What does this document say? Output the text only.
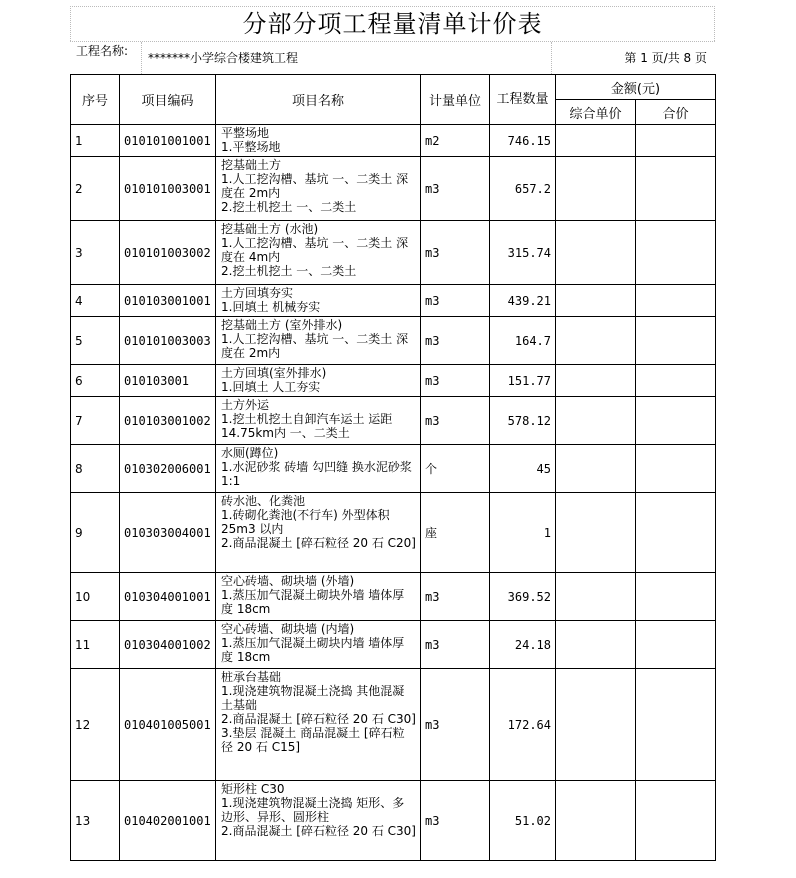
分部分项工程量清单计价表
工程名称:	*******小学综合楼建筑工程	第 1 页/共 8 页
序号	项目编码	项目名称	计量单位	工程数量	金额(元)	
					综合单价	合价
1	010101001001	平整场地
1.平整场地	m2	746.15		
2	010101003001	挖基础土方
1.人工挖沟槽、基坑 一、二类土 深度在 2m内
2.挖土机挖土 一、二类土	m3	657.2		
3	010101003002	挖基础土方 (水池)
1.人工挖沟槽、基坑 一、二类土 深度在 4m内
2.挖土机挖土 一、二类土	m3	315.74		
4	010103001001	土方回填夯实
1.回填土 机械夯实	m3	439.21		
5	010101003003	挖基础土方 (室外排水)
1.人工挖沟槽、基坑 一、二类土 深度在 2m内	m3	164.7		
6	010103001	土方回填(室外排水)
1.回填土 人工夯实	m3	151.77		
7	010103001002	土方外运
1.挖土机挖土自卸汽车运土 运距14.75km内 一、二类土	m3	578.12		
8	010302006001	水厕(蹲位)
1.水泥砂浆 砖墙 勾凹缝 换水泥砂浆 1:1	个	45		
9	010303004001	砖水池、化粪池
1.砖砌化粪池(不行车) 外型体积 25m3 以内
2.商品混凝土 [碎石粒径 20 石 C20]	座	1		
10	010304001001	空心砖墙、砌块墙 (外墙)
1.蒸压加气混凝土砌块外墙 墙体厚度 18cm	m3	369.52		
11	010304001002	空心砖墙、砌块墙 (内墙)
1.蒸压加气混凝土砌块内墙 墙体厚度 18cm	m3	24.18		
12	010401005001	桩承台基础
1.现浇建筑物混凝土浇捣 其他混凝土基础
2.商品混凝土 [碎石粒径 20 石 C30]
3.垫层 混凝土 商品混凝土 [碎石粒径 20 石 C15]	m3	172.64		
13	010402001001	矩形柱 C30
1.现浇建筑物混凝土浇捣 矩形、多边形、异形、圆形柱
2.商品混凝土 [碎石粒径 20 石 C30]	m3	51.02		
